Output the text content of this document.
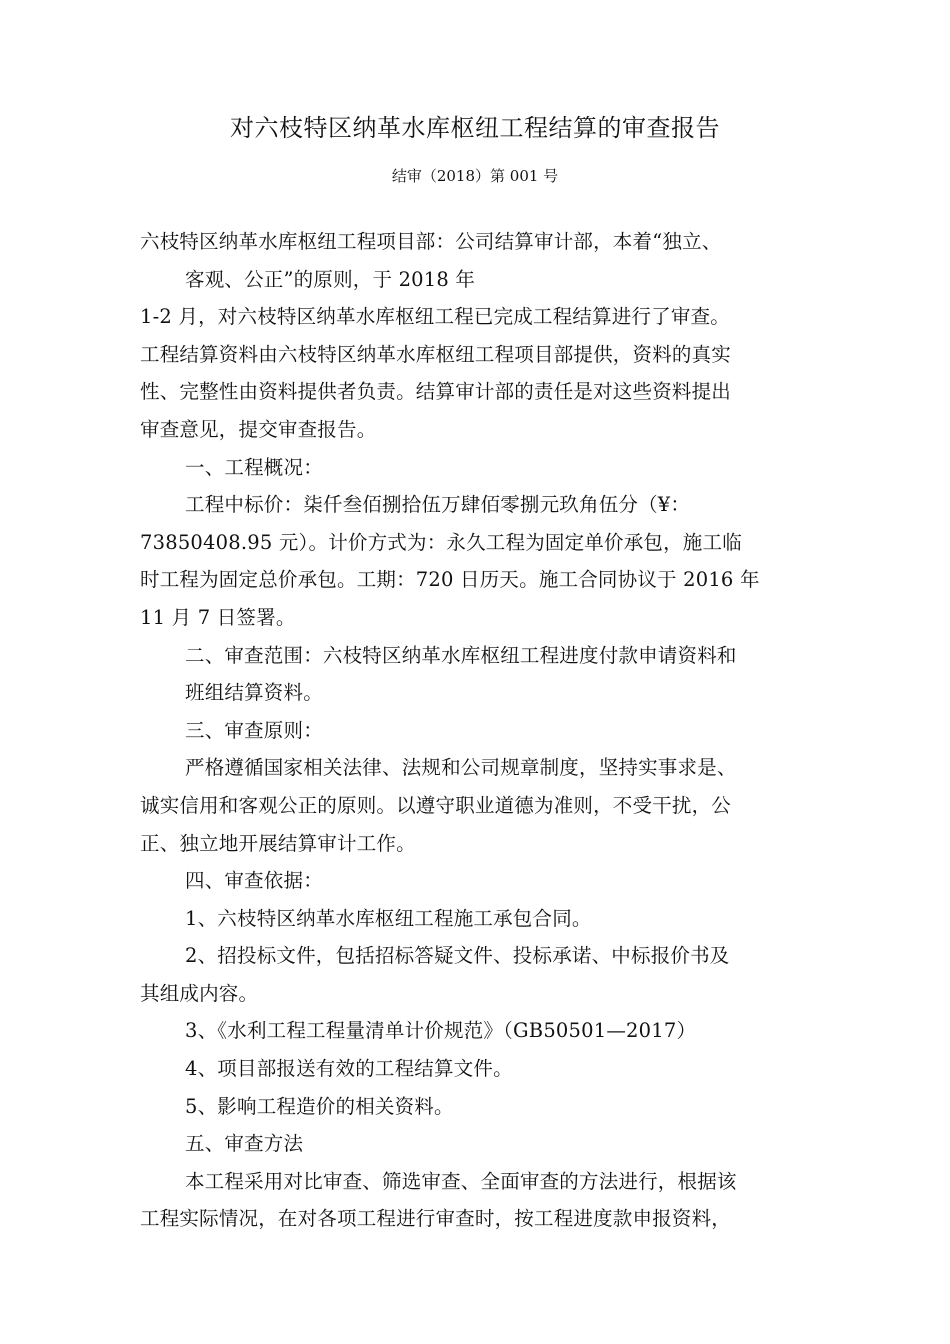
对六枝特区纳革水库枢纽工程结算的审查报告
结审（2018）第 001 号
六枝特区纳革水库枢纽工程项目部：公司结算审计部，本着“独立、
客观、公正”的原则，于 2018 年
1-2 月，对六枝特区纳革水库枢纽工程已完成工程结算进行了审查。
工程结算资料由六枝特区纳革水库枢纽工程项目部提供，资料的真实
性、完整性由资料提供者负责。结算审计部的责任是对这些资料提出
审查意见，提交审查报告。
一、工程概况：
工程中标价：柒仟叁佰捌拾伍万肆佰零捌元玖角伍分（¥：
73850408.95 元）。计价方式为：永久工程为固定单价承包，施工临
时工程为固定总价承包。工期：720 日历天。施工合同协议于 2016 年
11 月 7 日签署。
二、审查范围：六枝特区纳革水库枢纽工程进度付款申请资料和
班组结算资料。
三、审查原则：
严格遵循国家相关法律、法规和公司规章制度，坚持实事求是、
诚实信用和客观公正的原则。以遵守职业道德为准则，不受干扰，公
正、独立地开展结算审计工作。
四、审查依据：
1、六枝特区纳革水库枢纽工程施工承包合同。
2、招投标文件，包括招标答疑文件、投标承诺、中标报价书及
其组成内容。
3、《水利工程工程量清单计价规范》（GB50501—2017）
4、项目部报送有效的工程结算文件。
5、影响工程造价的相关资料。
五、审查方法
本工程采用对比审查、筛选审查、全面审查的方法进行，根据该
工程实际情况，在对各项工程进行审查时，按工程进度款申报资料，
